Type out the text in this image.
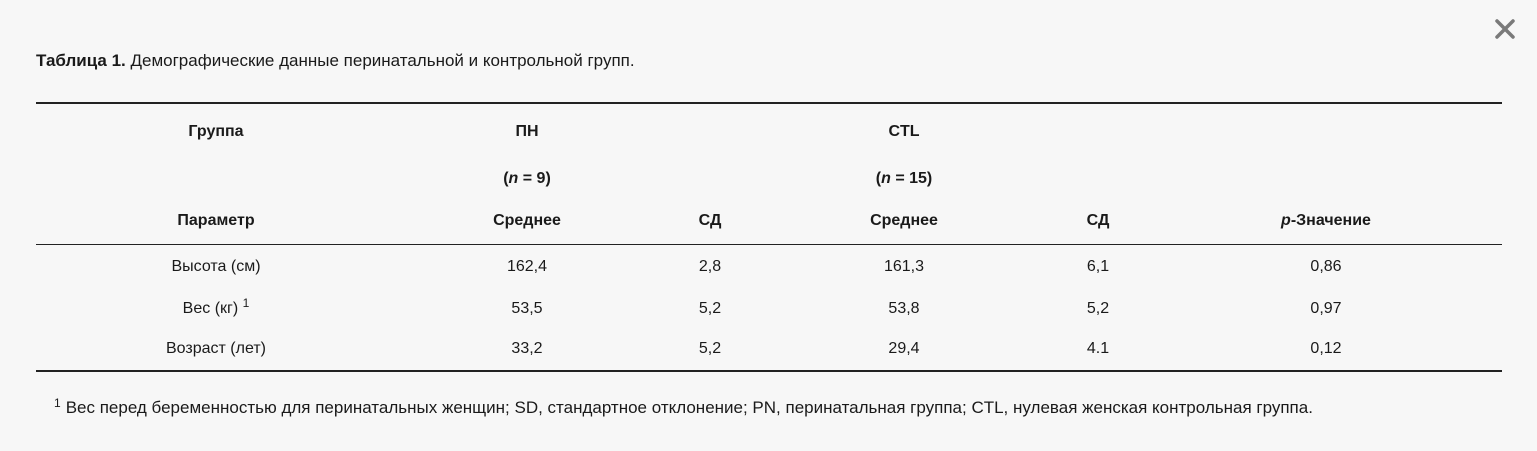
Таблица 1. Демографические данные перинатальной и контрольной групп.
Группа	ПН		CTL		
	(n = 9)		(n = 15)		
Параметр	Среднее	СД	Среднее	СД	p-Значение
Высота (см)	162,4	2,8	161,3	6,1	0,86
Вес (кг) $^1$	53,5	5,2	53,8	5,2	0,97
Возраст (лет)	33,2	5,2	29,4	4.1	0,12
$^1$ Вес перед беременностью для перинатальных женщин; SD, стандартное отклонение; PN, перинатальная группа; CTL, нулевая женская контрольная группа.
